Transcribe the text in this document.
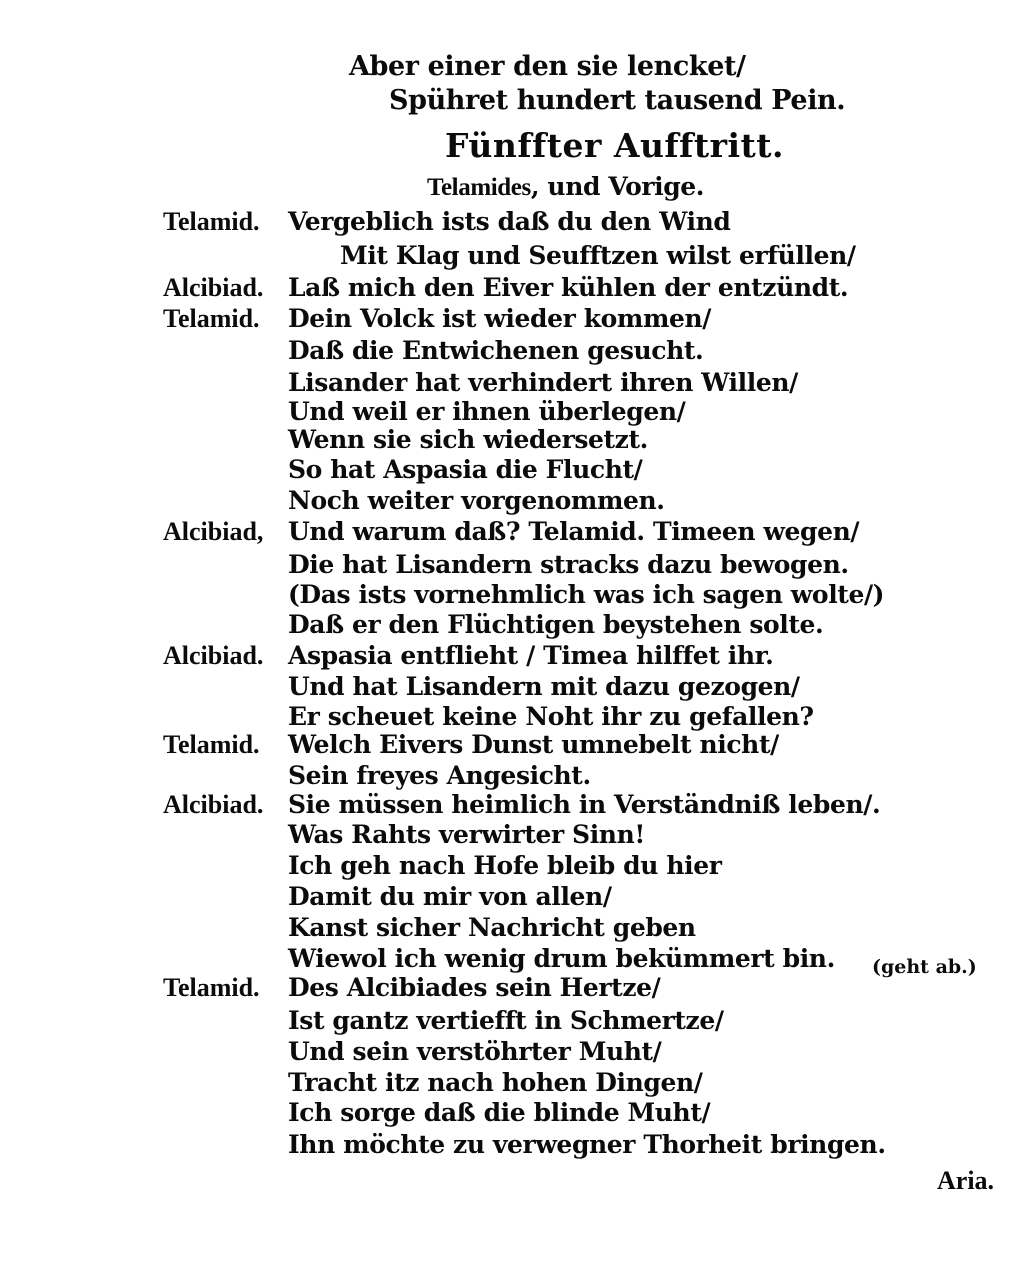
Aber einer den sie lencket/
Spühret hundert tausend Pein.
Fünffter Aufftritt.
Telamides, und Vorige.
Telamid. Vergeblich ists daß du den Wind
Mit Klag und Seufftzen wilst erfüllen/
Alcibiad. Laß mich den Eiver kühlen der entzündt.
Telamid. Dein Volck ist wieder kommen/
Daß die Entwichenen gesucht.
Lisander hat verhindert ihren Willen/
Und weil er ihnen überlegen/
Wenn sie sich wiedersetzt.
So hat Aspasia die Flucht/
Noch weiter vorgenommen.
Alcibiad, Und warum daß? Telamid. Timeen wegen/
Die hat Lisandern stracks dazu bewogen.
(Das ists vornehmlich was ich sagen wolte/)
Daß er den Flüchtigen beystehen solte.
Alcibiad. Aspasia entflieht / Timea hilffet ihr.
Und hat Lisandern mit dazu gezogen/
Er scheuet keine Noht ihr zu gefallen?
Telamid. Welch Eivers Dunst umnebelt nicht/
Sein freyes Angesicht.
Alcibiad. Sie müssen heimlich in Verständniß leben/.
Was Rahts verwirter Sinn!
Ich geh nach Hofe bleib du hier
Damit du mir von allen/
Kanst sicher Nachricht geben
Wiewol ich wenig drum bekümmert bin. (geht ab.)
Telamid. Des Alcibiades sein Hertze/
Ist gantz vertiefft in Schmertze/
Und sein verstöhrter Muht/
Tracht itz nach hohen Dingen/
Ich sorge daß die blinde Muht/
Ihn möchte zu verwegner Thorheit bringen.
Aria.
